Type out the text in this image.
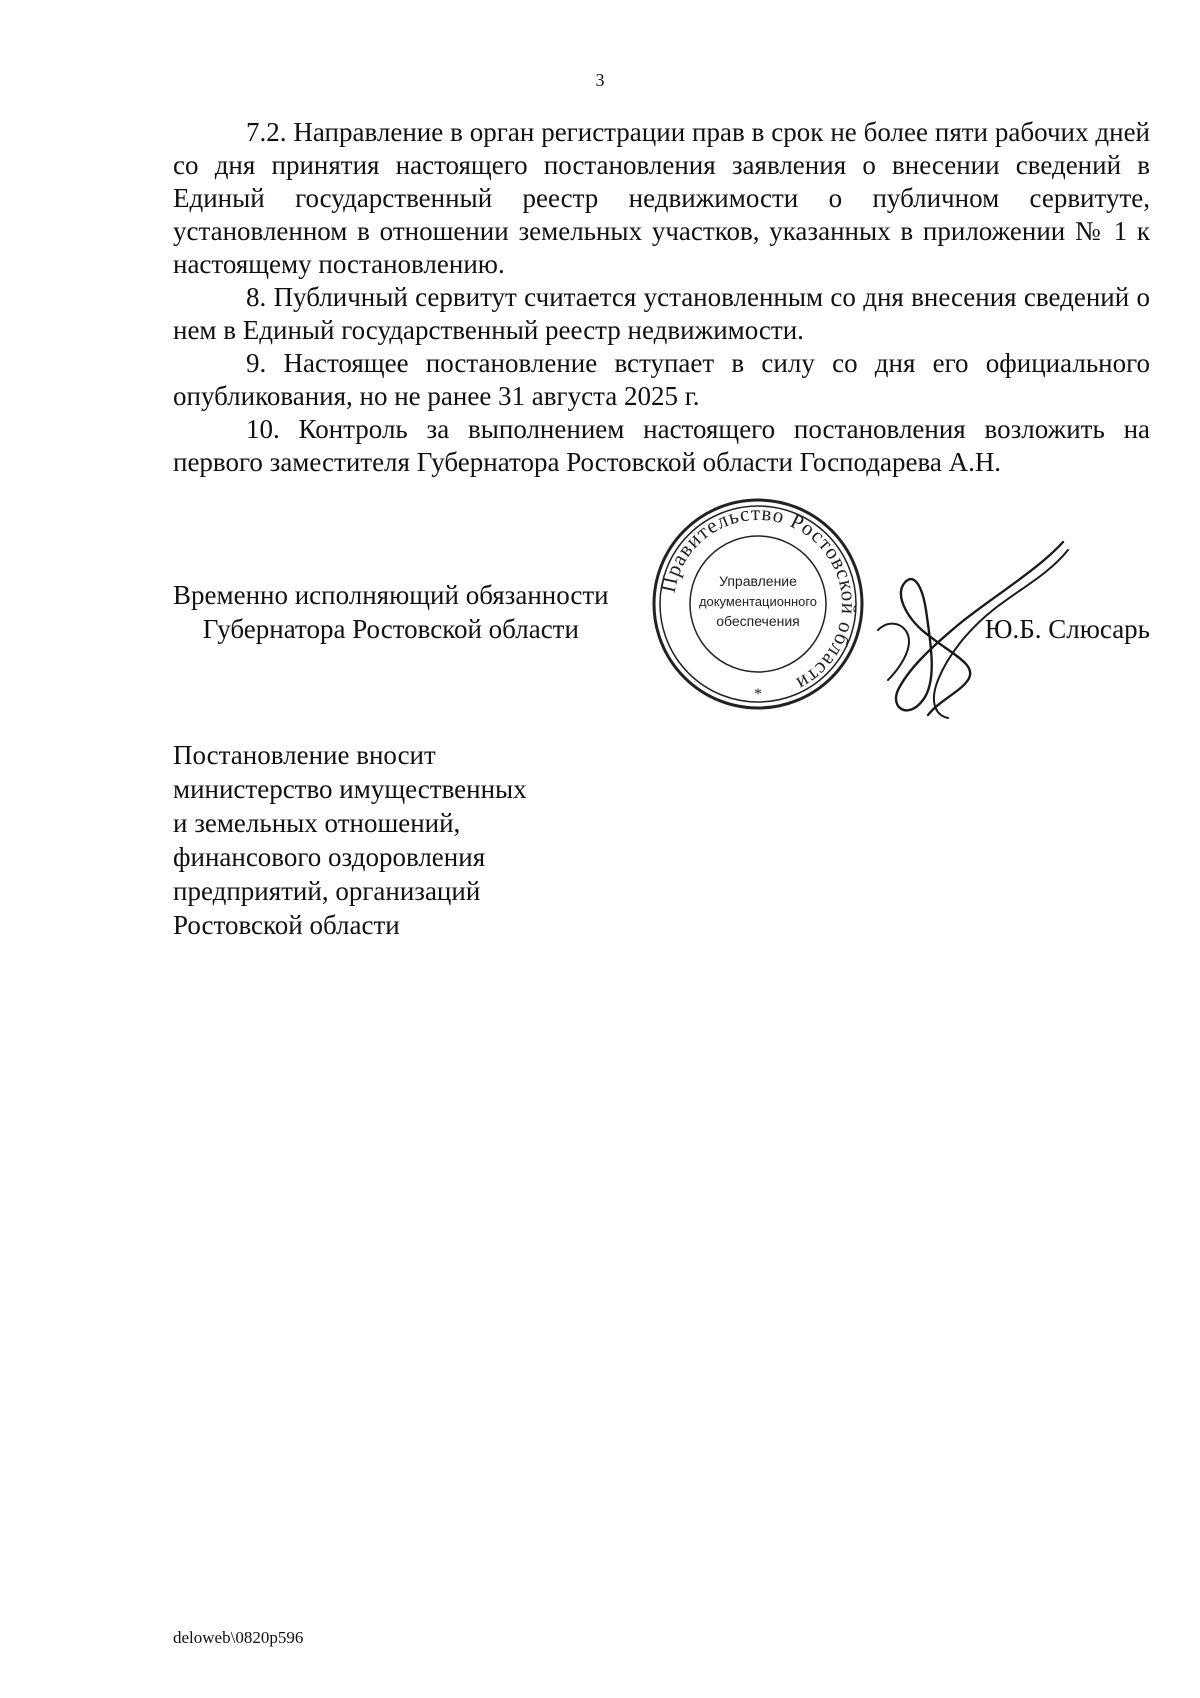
3

7.2. Направление в орган регистрации прав в срок не более пяти рабочих дней со дня принятия настоящего постановления заявления о внесении сведений в Единый государственный реестр недвижимости о публичном сервитуте, установленном в отношении земельных участков, указанных в приложении № 1 к настоящему постановлению.

8. Публичный сервитут считается установленным со дня внесения сведений о нем в Единый государственный реестр недвижимости.

9. Настоящее постановление вступает в силу со дня его официального опубликования, но не ранее 31 августа 2025 г.

10. Контроль за выполнением настоящего постановления возложить на первого заместителя Губернатора Ростовской области Господарева А.Н.

Временно исполняющий обязанности
Губернатора Ростовской области
Правительство Ростовской области
Управление
документационного
обеспечения
*
Ю.Б. Слюсарь
Постановление вносит
министерство имущественных
и земельных отношений,
финансового оздоровления
предприятий, организаций
Ростовской области
deloweb\0820p596
